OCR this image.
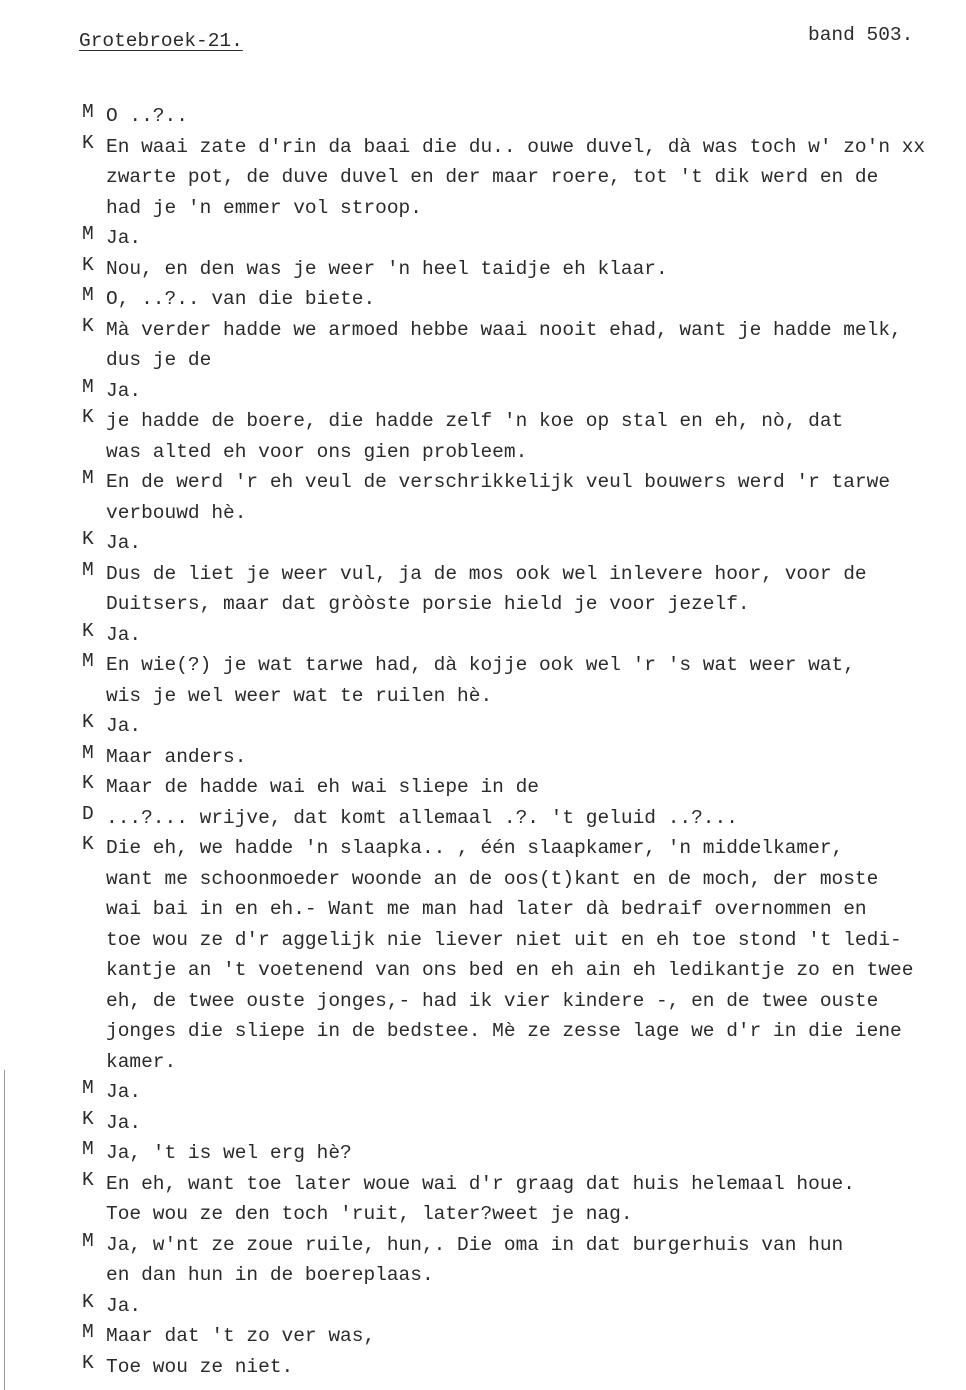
Grotebroek-21.	band 503.
M O ..?..
K En waai zate d'rin da baai die du.. ouwe duvel, dà was toch w' zo'n xx
zwarte pot, de duve duvel en der maar roere, tot 't dik werd en de
had je 'n emmer vol stroop.
M Ja.
K Nou, en den was je weer 'n heel taidje eh klaar.
M O, ..?.. van die biete.
K Mà verder hadde we armoed hebbe waai nooit ehad, want je hadde melk,
dus je de
M Ja.
K je hadde de boere, die hadde zelf 'n koe op stal en eh, nò, dat
was alted eh voor ons gien probleem.
M En de werd 'r eh veul de verschrikkelijk veul bouwers werd 'r tarwe
verbouwd hè.
K Ja.
M Dus de liet je weer vul, ja de mos ook wel inlevere hoor, voor de
Duitsers, maar dat gròòste porsie hield je voor jezelf.
K Ja.
M En wie(?) je wat tarwe had, dà kojje ook wel 'r 's wat weer wat,
wis je wel weer wat te ruilen hè.
K Ja.
M Maar anders.
K Maar de hadde wai eh wai sliepe in de
D ...?... wrijve, dat komt allemaal .?. 't geluid ..?...
K Die eh, we hadde 'n slaapka.. , één slaapkamer, 'n middelkamer,
want me schoonmoeder woonde an de oos(t)kant en de moch, der moste
wai bai in en eh.- Want me man had later dà bedraif overnommen en
toe wou ze d'r aggelijk nie liever niet uit en eh toe stond 't ledi-
kantje an 't voetenend van ons bed en eh ain eh ledikantje zo en twee
eh, de twee ouste jonges,- had ik vier kindere -, en de twee ouste
jonges die sliepe in de bedstee. Mè ze zesse lage we d'r in die iene
kamer.
M Ja.
K Ja.
M Ja, 't is wel erg hè?
K En eh, want toe later woue wai d'r graag dat huis helemaal houe.
Toe wou ze den toch 'ruit, later?weet je nag.
M Ja, w'nt ze zoue ruile, hun,. Die oma in dat burgerhuis van hun
en dan hun in de boereplaas.
K Ja.
M Maar dat 't zo ver was,
K Toe wou ze niet.
